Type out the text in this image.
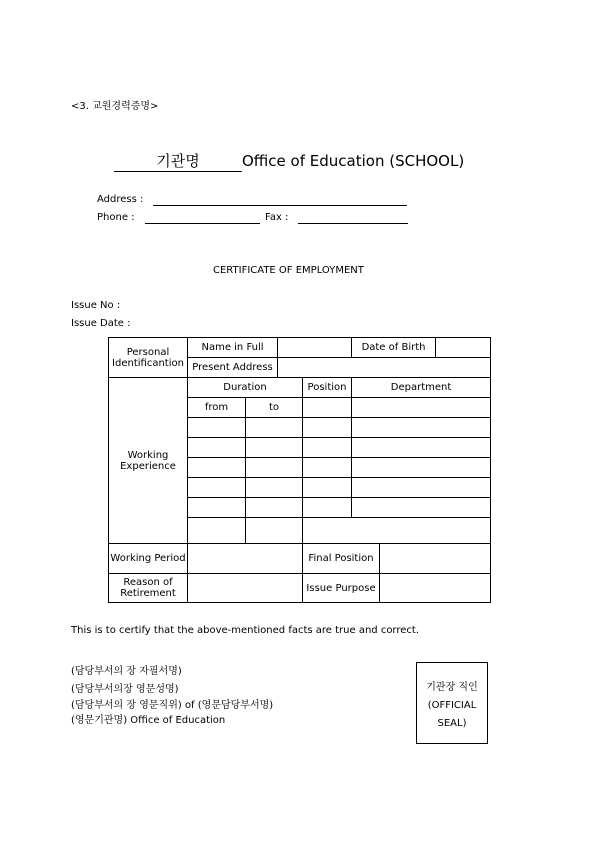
<3. 교원경력증명>
기관명	Office of Education (SCHOOL)
Address :
Phone :	Fax :
CERTIFICATE OF EMPLOYMENT
Issue No :
Issue Date :
Personal Identificantion	Name in Full				Date of Birth		
	Present Address						
Working Experience	Duration			Position	Department		
	from	to					

Working Period				Final Position			
Reason of Retirement				Issue Purpose			
This is to certify that the above-mentioned facts are true and correct.
(담당부서의 장 자필서명)
(담당부서의장 영문성명)
(담당부서의 장 영문직위) of (영문담당부서명)
(영문기관명) Office of Education
기관장 직인
(OFFICIAL
SEAL)
